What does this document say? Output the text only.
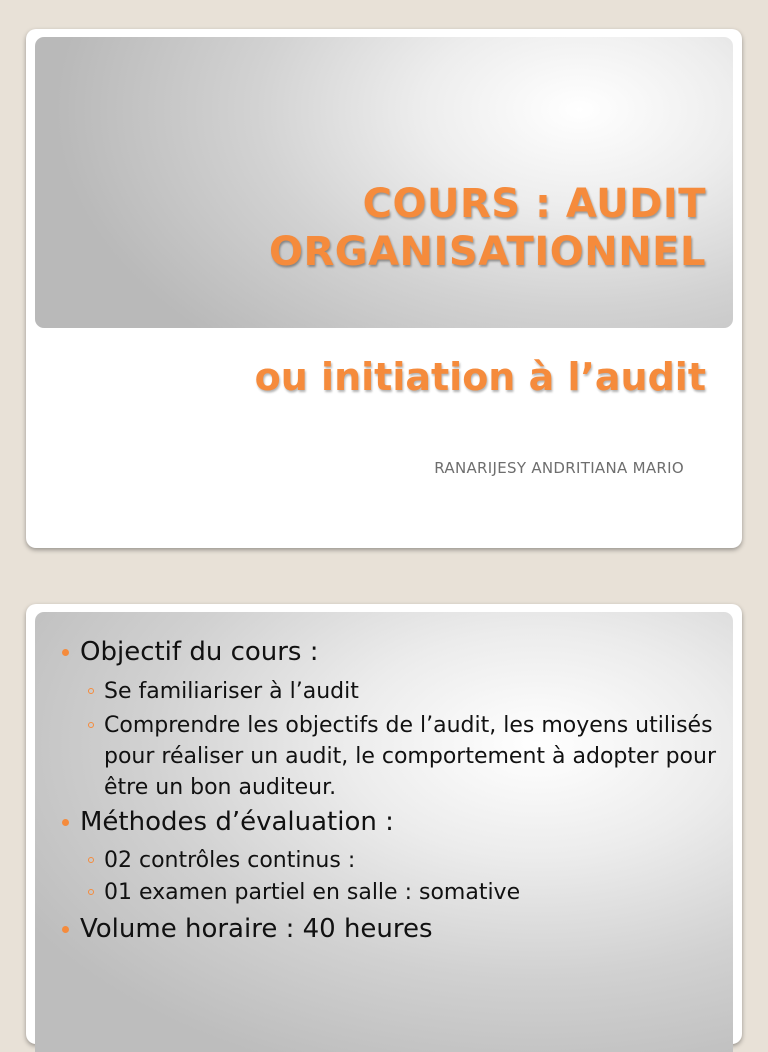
COURS : AUDIT
ORGANISATIONNEL
ou initiation à l’audit
RANARIJESY ANDRITIANA MARIO
Objectif du cours :
Se familiariser à l’audit
Comprendre les objectifs de l’audit, les moyens utilisés pour réaliser un audit, le comportement à adopter pour être un bon auditeur.
Méthodes d’évaluation :
02 contrôles continus :
01 examen partiel en salle : somative
Volume horaire : 40 heures
